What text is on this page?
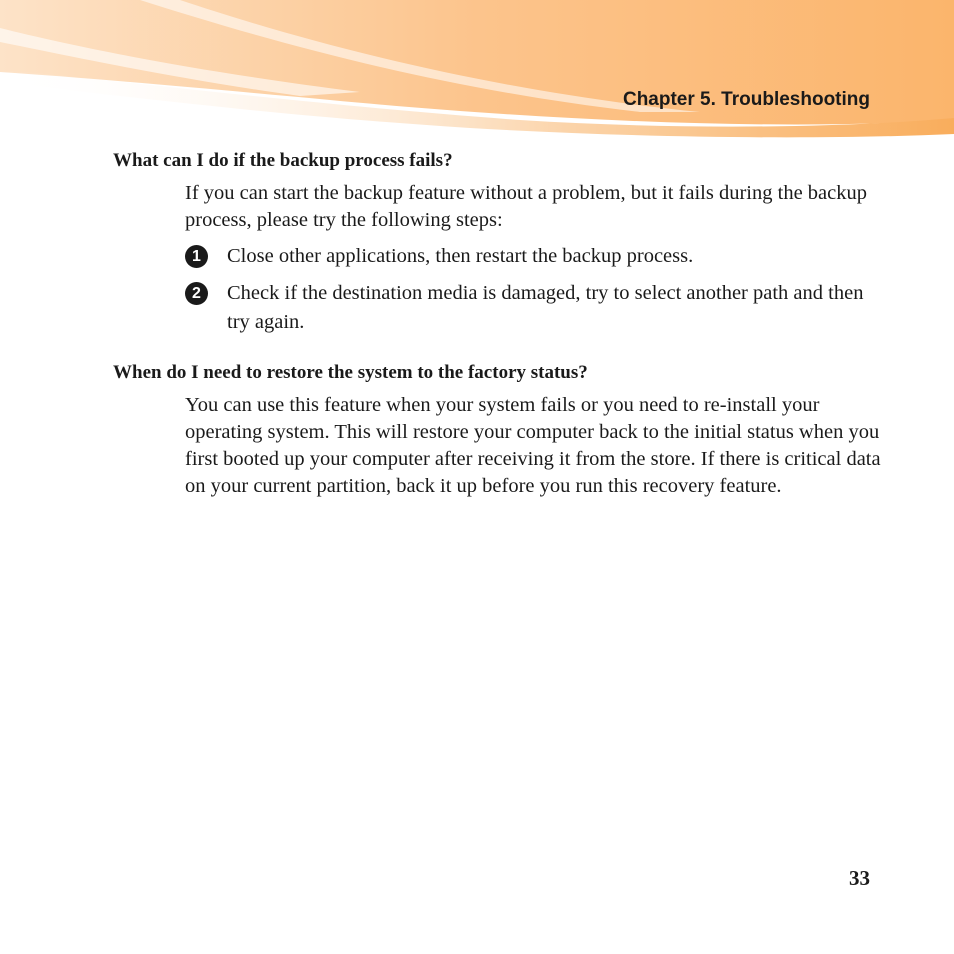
Chapter 5. Troubleshooting
What can I do if the backup process fails?
If you can start the backup feature without a problem, but it fails during the backup process, please try the following steps:
1	Close other applications, then restart the backup process.
2	Check if the destination media is damaged, try to select another path and then try again.
When do I need to restore the system to the factory status?
You can use this feature when your system fails or you need to re-install your operating system. This will restore your computer back to the initial status when you first booted up your computer after receiving it from the store. If there is critical data on your current partition, back it up before you run this recovery feature.
33
